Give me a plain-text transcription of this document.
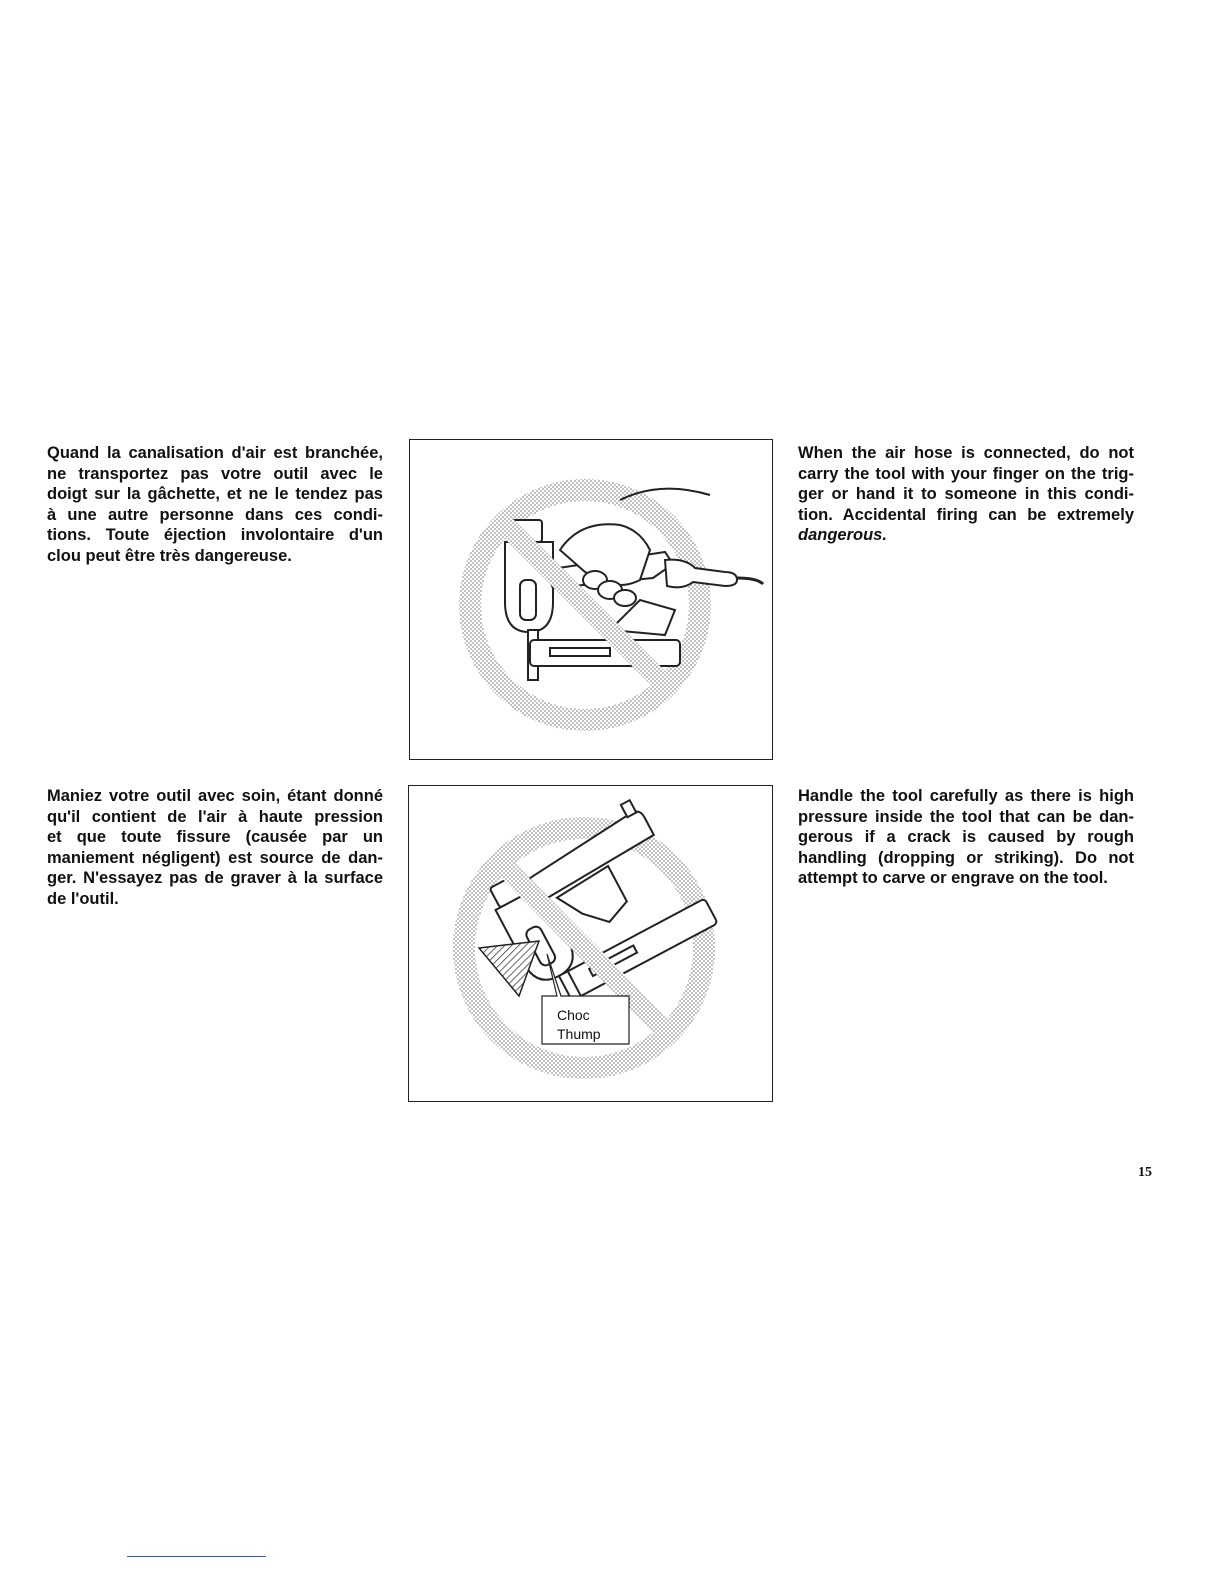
Quand la canalisation d'air est branchée,
ne transportez pas votre outil avec le
doigt sur la gâchette, et ne le tendez pas
à une autre personne dans ces condi-
tions. Toute éjection involontaire d'un
clou peut être très dangereuse.
When the air hose is connected, do not
carry the tool with your finger on the trig-
ger or hand it to someone in this condi-
tion. Accidental firing can be extremely
dangerous.
Maniez votre outil avec soin, étant donné
qu'il contient de l'air à haute pression
et que toute fissure (causée par un
maniement négligent) est source de dan-
ger. N'essayez pas de graver à la surface
de l'outil.
Choc
Thump
Handle the tool carefully as there is high
pressure inside the tool that can be dan-
gerous if a crack is caused by rough
handling (dropping or striking). Do not
attempt to carve or engrave on the tool.
15
